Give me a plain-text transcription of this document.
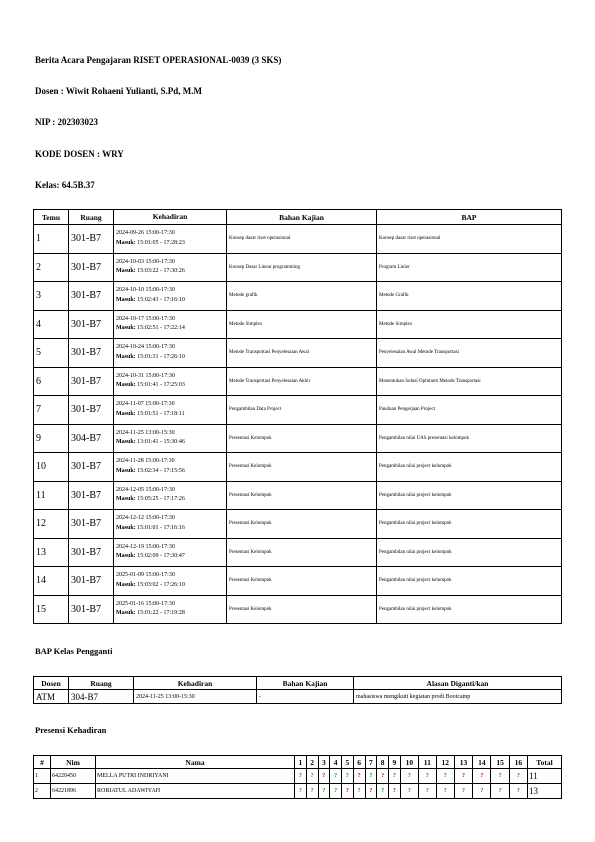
Berita Acara Pengajaran RISET OPERASIONAL-0039 (3 SKS)
Dosen : Wiwit Rohaeni Yulianti, S.Pd, M.M
NIP : 202303023
KODE DOSEN : WRY
Kelas: 64.5B.37
Temu	Ruang	Kehadiran	Bahan Kajian	BAP
1	301-B7	2024-09-26 15:00-17:30
Masuk: 15:01:05 - 17:28:23	Konsep dasar riset operasional	Konsep dasar riset operasional
2	301-B7	2024-10-03 15:00-17:30
Masuk: 15:03:22 - 17:30:26	Konsep Dasar Linear programming	Program Linier
3	301-B7	2024-10-10 15:00-17:30
Masuk: 15:02:43 - 17:16:10	Metode grafik	Metode Grafik
4	301-B7	2024-10-17 15:00-17:30
Masuk: 15:02:51 - 17:22:14	Metode Simplex	Metode Simplex
5	301-B7	2024-10-24 15:00-17:30
Masuk: 15:01:31 - 17:26:10	Metode Transportasi Penyelesaian Awal	Penyelesaian Awal Metode Transportasi
6	301-B7	2024-10-31 15:00-17:30
Masuk: 15:01:41 - 17:25:03	Metode Transportasi Penyelesaian Akhir	Menentukan Solusi Optimum Metode Transportasi
7	301-B7	2024-11-07 15:00-17:30
Masuk: 15:01:51 - 17:18:11	Pengambilan Data Project	Panduan Pengerjaan Project
9	304-B7	2024-11-25 13:00-15:30
Masuk: 13:01:41 - 15:30:46	Presentasi Kelompok	Pengambilan nilai UAS presentasi kelompok
10	301-B7	2024-11-28 15:00-17:30
Masuk: 15:02:34 - 17:15:56	Presentasi Kelompok	Pengambilan nilai project kelompok
11	301-B7	2024-12-05 15:00-17:30
Masuk: 15:05:25 - 17:17:26	Presentasi Kelompok	Pengambilan nilai project kelompok
12	301-B7	2024-12-12 15:00-17:30
Masuk: 15:01:01 - 17:16:16	Presentasi Kelompok	Pengambilan nilai project kelompok
13	301-B7	2024-12-19 15:00-17:30
Masuk: 15:02:09 - 17:30:47	Presentasi Kelompok	Pengambilan nilai project kelompok
14	301-B7	2025-01-09 15:00-17:30
Masuk: 15:03:02 - 17:26:10	Presentasi Kelompok	Pengambilan nilai project kelompok
15	301-B7	2025-01-16 15:00-17:30
Masuk: 15:01:22 - 17:19:28	Presentasi Kelompok	Pengambilan nilai project kelompok
BAP Kelas Pengganti
Dosen	Ruang	Kehadiran	Bahan Kajian	Alasan Diganti/kan
ATM	304-B7	2024-11-25 13:00-15:30	-	mahasiswa mengikuti kegiatan prodi Bootcamp
Presensi Kehadiran
#	Nim	Nama	1	2	3	4	5	6	7	8	9	10	11	12	13	14	15	16	Total
1	64220450	MELLA PUTRI INDRIYANI	?	?	?	?	?	?	?	?	?	?	?	?	?	?	?	?	11
2	64221896	ROBIATUL ADAWIYAH	?	?	?	?	?	?	?	?	?	?	?	?	?	?	?	?	13
